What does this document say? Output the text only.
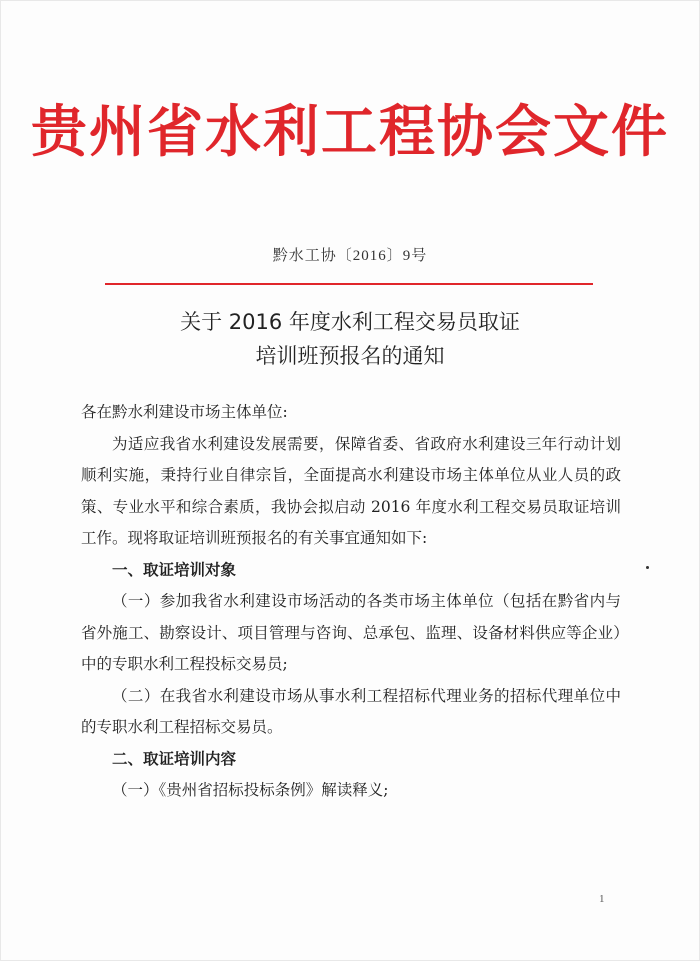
贵州省水利工程协会文件
黔水工协〔2016〕9号
关于 2016 年度水利工程交易员取证
培训班预报名的通知

各在黔水利建设市场主体单位:

为适应我省水利建设发展需要，保障省委、省政府水利建设三年行动计划顺利实施，秉持行业自律宗旨，全面提高水利建设市场主体单位从业人员的政策、专业水平和综合素质，我协会拟启动 2016 年度水利工程交易员取证培训工作。现将取证培训班预报名的有关事宜通知如下:

一、取证培训对象

（一）参加我省水利建设市场活动的各类市场主体单位（包括在黔省内与省外施工、勘察设计、项目管理与咨询、总承包、监理、设备材料供应等企业）中的专职水利工程投标交易员;

（二）在我省水利建设市场从事水利工程招标代理业务的招标代理单位中的专职水利工程招标交易员。

二、取证培训内容

（一）《贵州省招标投标条例》解读释义;

1
